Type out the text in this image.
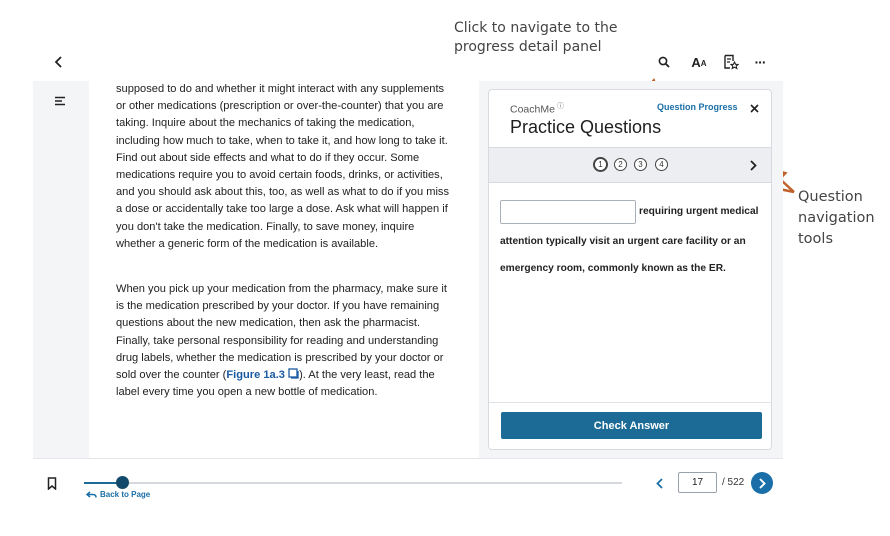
Click to navigate to the
progress detail panel
Question
navigation
tools
A A	···
supposed to do and whether it might interact with any supplements or other medications (prescription or over-the-counter) that you are taking. Inquire about the mechanics of taking the medication, including how much to take, when to take it, and how long to take it. Find out about side effects and what to do if they occur. Some medications require you to avoid certain foods, drinks, or activities, and you should ask about this, too, as well as what to do if you miss a dose or accidentally take too large a dose. Ask what will happen if you don't take the medication. Finally, to save money, inquire whether a generic form of the medication is available.
When you pick up your medication from the pharmacy, make sure it is the medication prescribed by your doctor. If you have remaining questions about the new medication, then ask the pharmacist. Finally, take personal responsibility for reading and understanding drug labels, whether the medication is prescribed by your doctor or sold over the counter (Figure 1a.3 ). At the very least, read the label every time you open a new bottle of medication.
CoachMe ⓘ	Question Progress
Practice Questions
1	2	3	4
requiring urgent medical
attention typically visit an urgent care facility or an
emergency room, commonly known as the ER.
Check Answer
Back to Page
17
/ 522
